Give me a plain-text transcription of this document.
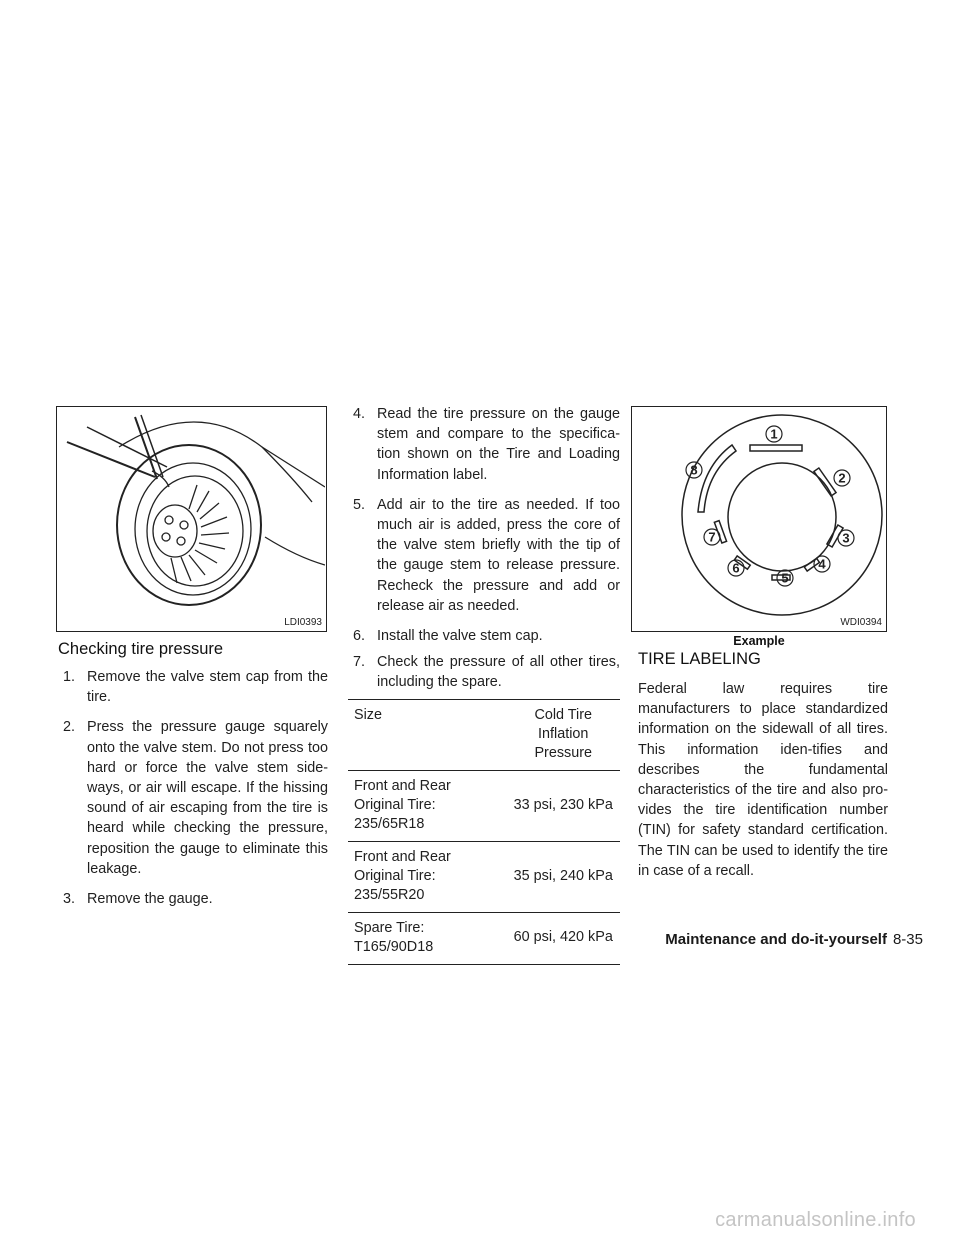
LDI0393
Checking tire pressure
1. Remove the valve stem cap from the tire.
2. Press the pressure gauge squarely onto the valve stem. Do not press too hard or force the valve stem side-ways, or air will escape. If the hissing sound of air escaping from the tire is heard while checking the pressure, reposition the gauge to eliminate this leakage.
3. Remove the gauge.
4. Read the tire pressure on the gauge stem and compare to the specifica-tion shown on the Tire and Loading Information label.
5. Add air to the tire as needed. If too much air is added, press the core of the valve stem briefly with the tip of the gauge stem to release pressure. Recheck the pressure and add or release air as needed.
6. Install the valve stem cap.
7. Check the pressure of all other tires, including the spare.
Size	Cold Tire Inflation Pressure
Front and Rear Original Tire: 235/65R18	33 psi, 230 kPa
Front and Rear Original Tire: 235/55R20	35 psi, 240 kPa
Spare Tire: T165/90D18	60 psi, 420 kPa
1
2
3
4
5
6
7
8
WDI0394
Example
TIRE LABELING

Federal law requires tire manufacturers to place standardized information on the sidewall of all tires. This information iden-tifies and describes the fundamental characteristics of the tire and also pro-vides the tire identification number (TIN) for safety standard certification. The TIN can be used to identify the tire in case of a recall.

Maintenance and do-it-yourself 8-35
carmanualsonline.info
